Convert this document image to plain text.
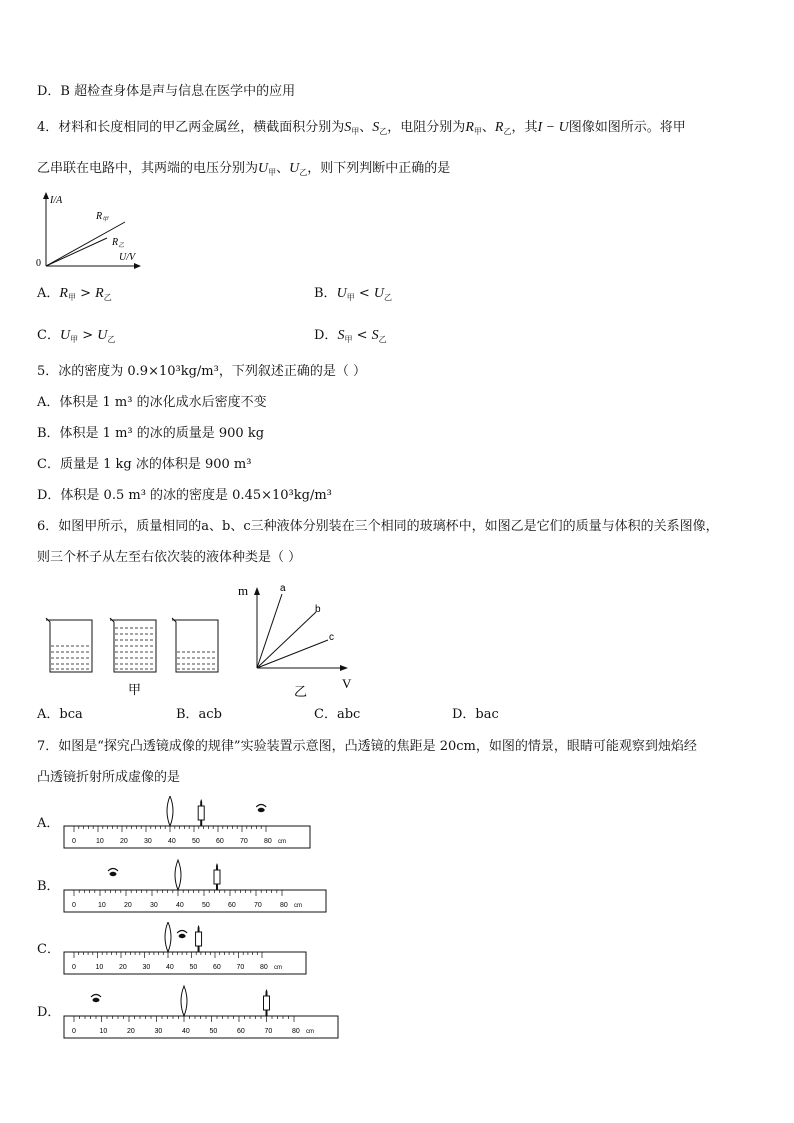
D．B 超检查身体是声与信息在医学中的应用
4．材料和长度相同的甲乙两金属丝，横截面积分别为$S_甲$、$S_乙$，电阻分别为$R_甲$、$R_乙$，其I − U图像如图所示。将甲
乙串联在电路中，其两端的电压分别为$U_甲$、$U_乙$，则下列判断中正确的是
I/A
U/V
0
$R_甲$
$R_乙$
A．$R_甲 > R_乙$	B．$U_甲 < U_乙$
C．$U_甲 > U_乙$	D．$S_甲 < S_乙$
5．冰的密度为 0.9×10³kg/m³，下列叙述正确的是（ ）
A．体积是 1 m³ 的冰化成水后密度不变
B．体积是 1 m³ 的冰的质量是 900 kg
C．质量是 1 kg 冰的体积是 900 m³
D．体积是 0.5 m³ 的冰的密度是 0.45×10³kg/m³
6．如图甲所示，质量相同的a、b、c三种液体分别装在三个相同的玻璃杯中，如图乙是它们的质量与体积的关系图像，
则三个杯子从左至右依次装的液体种类是（ ）
甲
m
V
a
b
c
乙
A．bca	B．acb	C．abc	D．bac
7．如图是“探究凸透镜成像的规律”实验装置示意图，凸透镜的焦距是 20cm，如图的情景，眼睛可能观察到烛焰经
凸透镜折射所成虚像的是
A．
B．
C．
D．
0	10 20 30 40 50 60 70 80 cm
0	10	20	30	40	50	60	70	80 cm
0	10 20 30 40 50 60 70 80 cm
0	10	20	30	40	50	60	70	80 cm
